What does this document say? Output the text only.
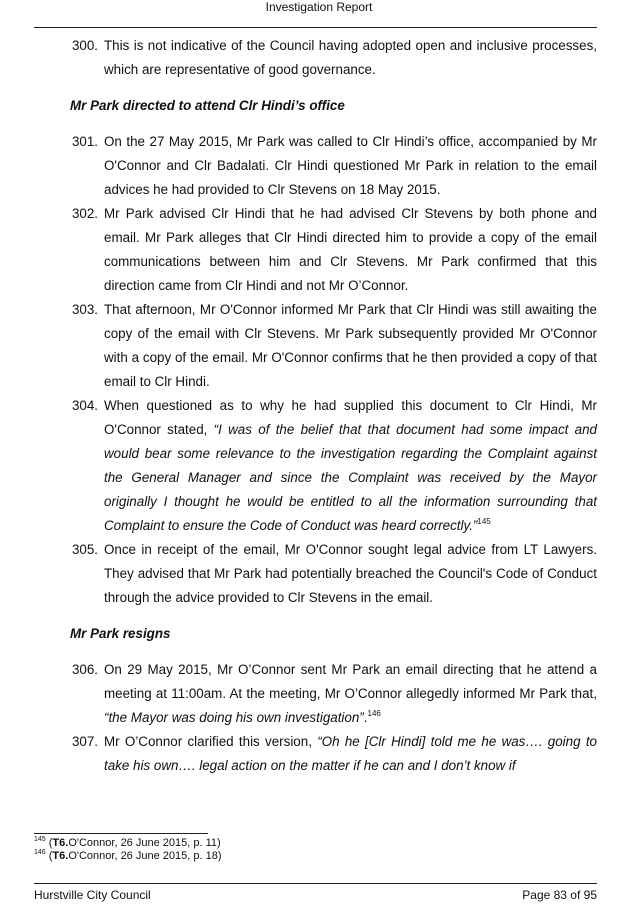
Investigation Report
300. This is not indicative of the Council having adopted open and inclusive processes, which are representative of good governance.
Mr Park directed to attend Clr Hindi’s office
301. On the 27 May 2015, Mr Park was called to Clr Hindi’s office, accompanied by Mr O'Connor and Clr Badalati. Clr Hindi questioned Mr Park in relation to the email advices he had provided to Clr Stevens on 18 May 2015.
302. Mr Park advised Clr Hindi that he had advised Clr Stevens by both phone and email. Mr Park alleges that Clr Hindi directed him to provide a copy of the email communications between him and Clr Stevens. Mr Park confirmed that this direction came from Clr Hindi and not Mr O’Connor.
303. That afternoon, Mr O'Connor informed Mr Park that Clr Hindi was still awaiting the copy of the email with Clr Stevens. Mr Park subsequently provided Mr O'Connor with a copy of the email. Mr O'Connor confirms that he then provided a copy of that email to Clr Hindi.
304. When questioned as to why he had supplied this document to Clr Hindi, Mr O'Connor stated, “I was of the belief that that document had some impact and would bear some relevance to the investigation regarding the Complaint against the General Manager and since the Complaint was received by the Mayor originally I thought he would be entitled to all the information surrounding that Complaint to ensure the Code of Conduct was heard correctly.”$^{145}$
305. Once in receipt of the email, Mr O'Connor sought legal advice from LT Lawyers. They advised that Mr Park had potentially breached the Council's Code of Conduct through the advice provided to Clr Stevens in the email.
Mr Park resigns
306. On 29 May 2015, Mr O’Connor sent Mr Park an email directing that he attend a meeting at 11:00am. At the meeting, Mr O’Connor allegedly informed Mr Park that, “the Mayor was doing his own investigation”.$^{146}$
307. Mr O’Connor clarified this version, “Oh he [Clr Hindi] told me he was…. going to take his own…. legal action on the matter if he can and I don’t know if
$^{145}$ (T6.O'Connor, 26 June 2015, p. 11)
$^{146}$ (T6.O'Connor, 26 June 2015, p. 18)
Hurstville City Council	Page 83 of 95
